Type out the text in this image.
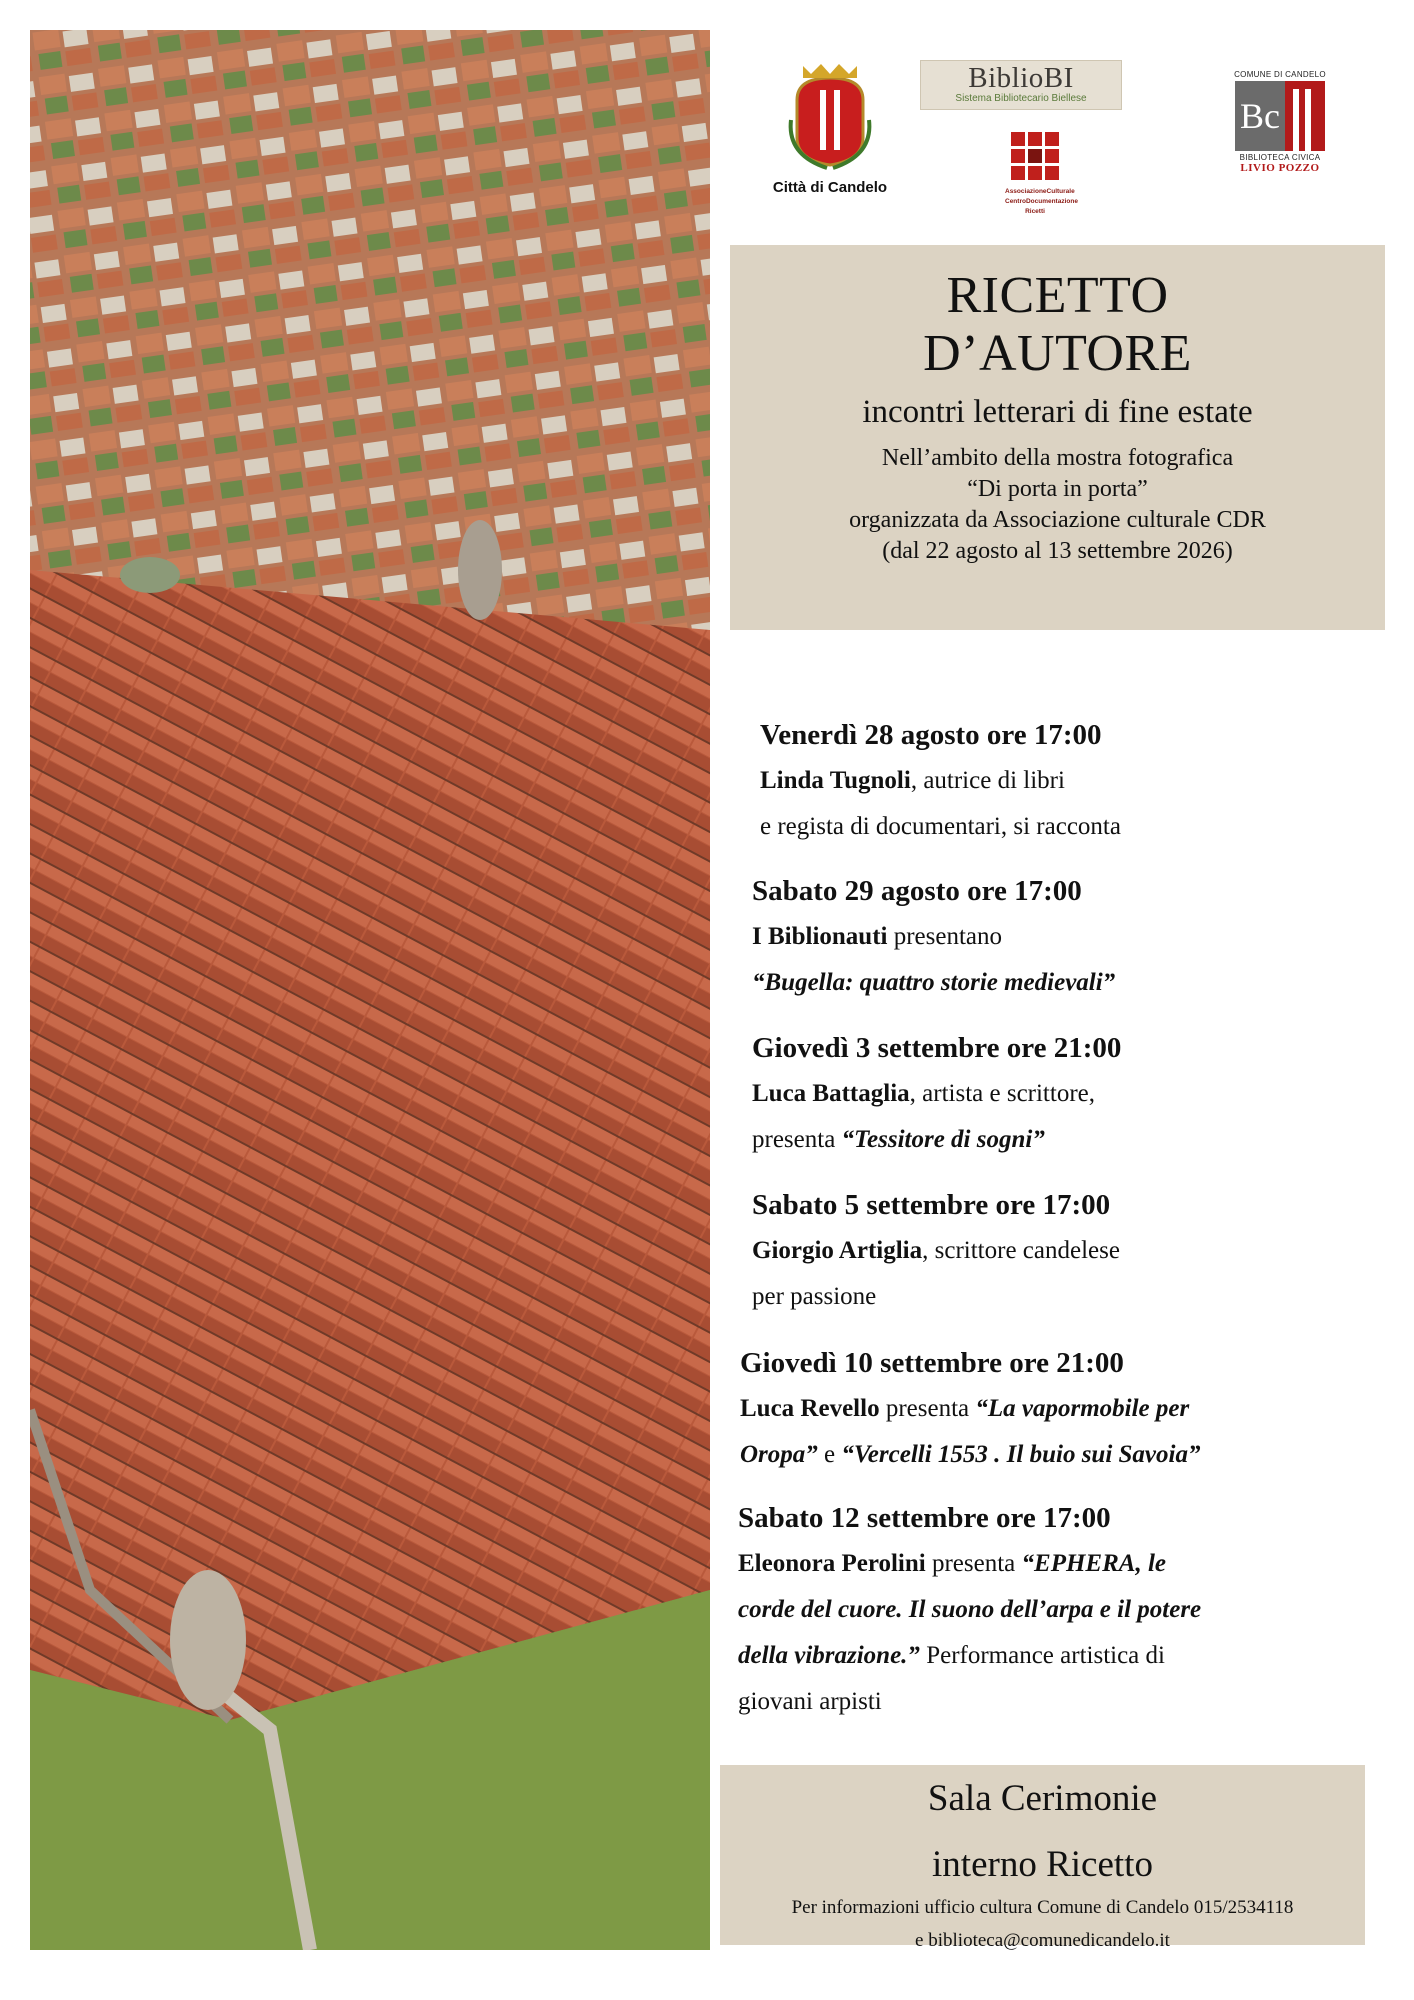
Città di Candelo
BiblioBI
Sistema Bibliotecario Biellese
AssociazioneCulturale
CentroDocumentazione
Ricetti
COMUNE DI CANDELO
Bc
BIBLIOTECA CIVICA
LIVIO POZZO
RICETTO
D’AUTORE
incontri letterari di fine estate
Nell’ambito della mostra fotografica
“Di porta in porta”
organizzata da Associazione culturale CDR
(dal 22 agosto al 13 settembre 2026)
Venerdì 28 agosto ore 17:00
Linda Tugnoli, autrice di libri
e regista di documentari, si racconta
Sabato 29 agosto ore 17:00
I Biblionauti presentano
“Bugella: quattro storie medievali”
Giovedì 3 settembre ore 21:00
Luca Battaglia, artista e scrittore,
presenta “Tessitore di sogni”
Sabato 5 settembre ore 17:00
Giorgio Artiglia, scrittore candelese
per passione
Giovedì 10 settembre ore 21:00
Luca Revello presenta “La vapormobile per
Oropa” e “Vercelli 1553 . Il buio sui Savoia”
Sabato 12 settembre ore 17:00
Eleonora Perolini presenta “EPHERA, le
corde del cuore. Il suono dell’arpa e il potere
della vibrazione.” Performance artistica di
giovani arpisti
Sala Cerimonie
interno Ricetto
Per informazioni ufficio cultura Comune di Candelo 015/2534118
e biblioteca@comunedicandelo.it
